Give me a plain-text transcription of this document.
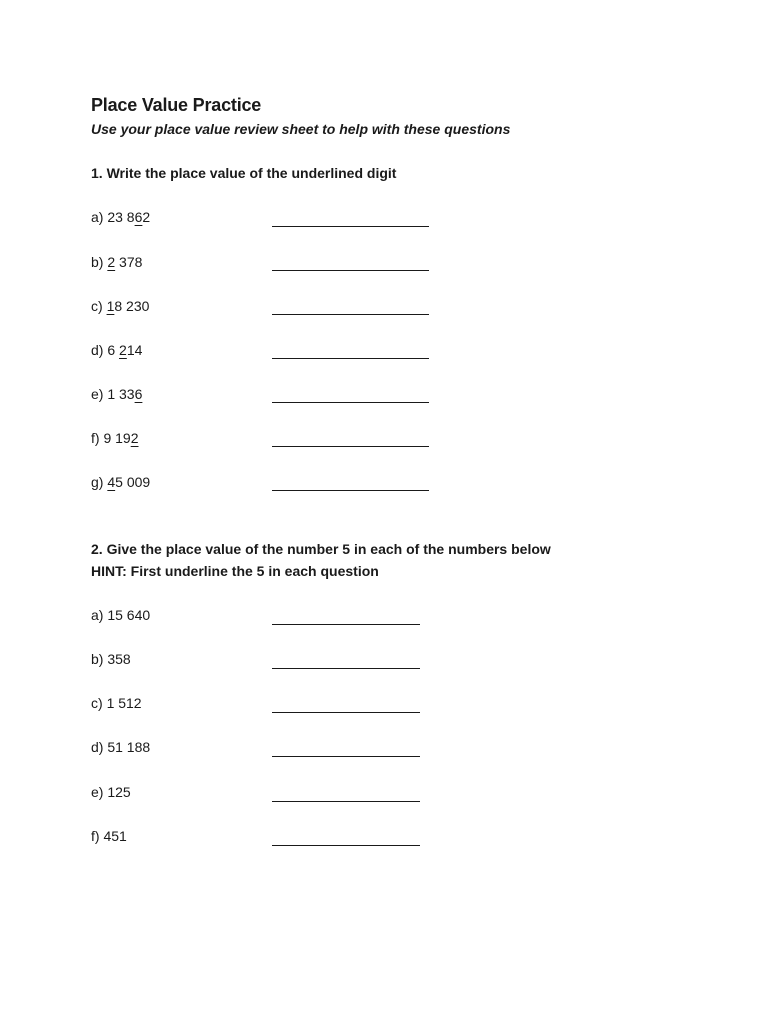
Place Value Practice
Use your place value review sheet to help with these questions
1. Write the place value of the underlined digit
a) 23 862
b) 2 378
c) 18 230
d) 6 214
e) 1 336
f) 9 192
g) 45 009
2. Give the place value of the number 5 in each of the numbers below
HINT: First underline the 5 in each question
a) 15 640
b) 358
c) 1 512
d) 51 188
e) 125
f) 451
